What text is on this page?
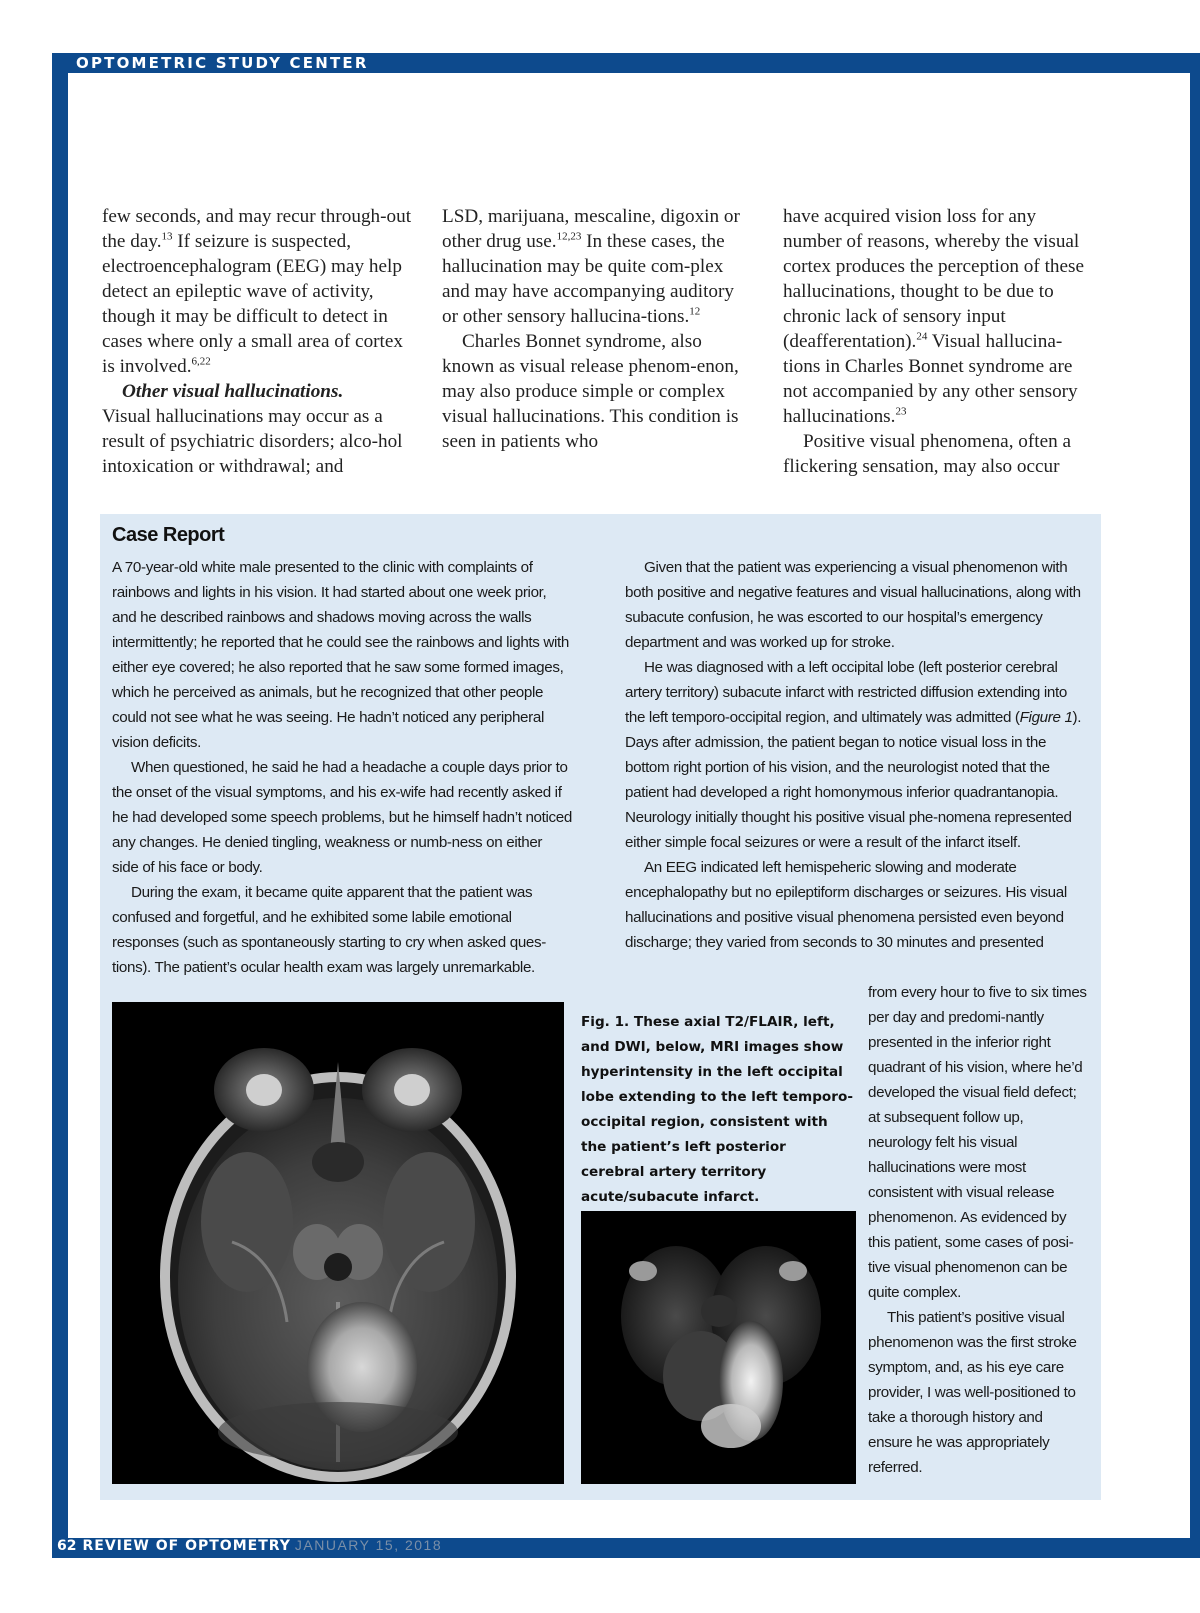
OPTOMETRIC STUDY CENTER

few seconds, and may recur through-out the day.$^{13}$ If seizure is suspected, electroencephalogram (EEG) may help detect an epileptic wave of activity, though it may be difficult to detect in cases where only a small area of cortex is involved.$^{6,22}$

Other visual hallucinations.

Visual hallucinations may occur as a result of psychiatric disorders; alco-hol intoxication or withdrawal; and

LSD, marijuana, mescaline, digoxin or other drug use.$^{12,23}$ In these cases, the hallucination may be quite com-plex and may have accompanying auditory or other sensory hallucina-tions.$^{12}$

Charles Bonnet syndrome, also known as visual release phenom-enon, may also produce simple or complex visual hallucinations. This condition is seen in patients who

have acquired vision loss for any number of reasons, whereby the visual cortex produces the perception of these hallucinations, thought to be due to chronic lack of sensory input (deafferentation).$^{24}$ Visual hallucina-tions in Charles Bonnet syndrome are not accompanied by any other sensory hallucinations.$^{23}$

Positive visual phenomena, often a flickering sensation, may also occur

Case Report

A 70-year-old white male presented to the clinic with complaints of rainbows and lights in his vision. It had started about one week prior, and he described rainbows and shadows moving across the walls intermittently; he reported that he could see the rainbows and lights with either eye covered; he also reported that he saw some formed images, which he perceived as animals, but he recognized that other people could not see what he was seeing. He hadn’t noticed any peripheral vision deficits.

When questioned, he said he had a headache a couple days prior to the onset of the visual symptoms, and his ex-wife had recently asked if he had developed some speech problems, but he himself hadn’t noticed any changes. He denied tingling, weakness or numb-ness on either side of his face or body.

During the exam, it became quite apparent that the patient was confused and forgetful, and he exhibited some labile emotional responses (such as spontaneously starting to cry when asked ques-tions). The patient’s ocular health exam was largely unremarkable.

Given that the patient was experiencing a visual phenomenon with both positive and negative features and visual hallucinations, along with subacute confusion, he was escorted to our hospital’s emergency department and was worked up for stroke.

He was diagnosed with a left occipital lobe (left posterior cerebral artery territory) subacute infarct with restricted diffusion extending into the left temporo-occipital region, and ultimately was admitted (Figure 1). Days after admission, the patient began to notice visual loss in the bottom right portion of his vision, and the neurologist noted that the patient had developed a right homonymous inferior quadrantanopia. Neurology initially thought his positive visual phe-nomena represented either simple focal seizures or were a result of the infarct itself.

An EEG indicated left hemispeheric slowing and moderate encephalopathy but no epileptiform discharges or seizures. His visual hallucinations and positive visual phenomena persisted even beyond discharge; they varied from seconds to 30 minutes and presented

from every hour to five to six times per day and predomi-nantly presented in the inferior right quadrant of his vision, where he’d developed the visual field defect; at subsequent follow up, neurology felt his visual hallucinations were most consistent with visual release phenomenon. As evidenced by this patient, some cases of posi-tive visual phenomenon can be quite complex.

This patient’s positive visual phenomenon was the first stroke symptom, and, as his eye care provider, I was well-positioned to take a thorough history and ensure he was appropriately referred.

Fig. 1. These axial T2/FLAIR, left, and DWI, below, MRI images show hyperintensity in the left occipital lobe extending to the left temporo-occipital region, consistent with the patient’s left posterior cerebral artery territory acute/subacute infarct.
62 REVIEW OF OPTOMETRY JANUARY 15, 2018
